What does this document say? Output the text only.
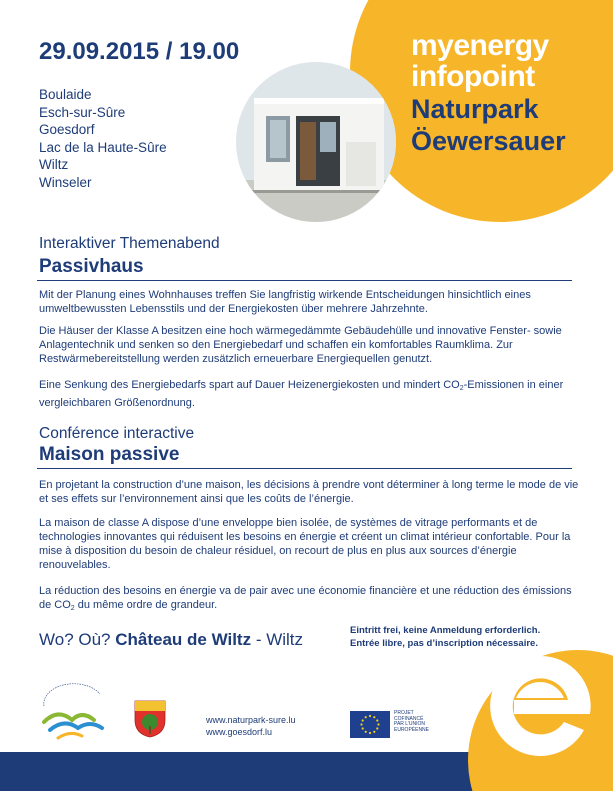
myenergy
infopoint
Naturpark
Öewersauer
29.09.2015 / 19.00
Boulaide
Esch-sur-Sûre
Goesdorf
Lac de la Haute-Sûre
Wiltz
Winseler
Interaktiver Themenabend
Passivhaus

Mit der Planung eines Wohnhauses treffen Sie langfristig wirkende Entscheidungen hinsichtlich eines umweltbewussten Lebensstils und der Energiekosten über mehrere Jahrzehnte.

Die Häuser der Klasse A besitzen eine hoch wärmegedämmte Gebäudehülle und innovative Fenster- sowie Anlagentechnik und senken so den Energiebedarf und schaffen ein komfortables Raumklima. Zur Restwärmebereitstellung werden zusätzlich erneuerbare Energiequellen genutzt.

Eine Senkung des Energiebedarfs spart auf Dauer Heizenergiekosten und mindert $CO_2$-Emissionen in einer vergleichbaren Größenordnung.

Conférence interactive
Maison passive

En projetant la construction d’une maison, les décisions à prendre vont déterminer à long terme le mode de vie et ses effets sur l’environnement ainsi que les coûts de l’énergie.

La maison de classe A dispose d’une enveloppe bien isolée, de systèmes de vitrage performants et de technologies innovantes qui réduisent les besoins en énergie et créent un climat intérieur confortable. Pour la mise à disposition du besoin de chaleur résiduel, on recourt de plus en plus aux sources d’énergie renouvelables.

La réduction des besoins en énergie va de pair avec une économie financière et une réduction des émissions de $CO_2$ du même ordre de grandeur.

Wo? Où? Château de Wiltz - Wiltz	Eintritt frei, keine Anmeldung erforderlich.
Entrée libre, pas d’inscription nécessaire.
www.naturpark-sure.lu
www.goesdorf.lu
PROJET
COFINANCÉ
PAR L’UNION
EUROPÉENNE
